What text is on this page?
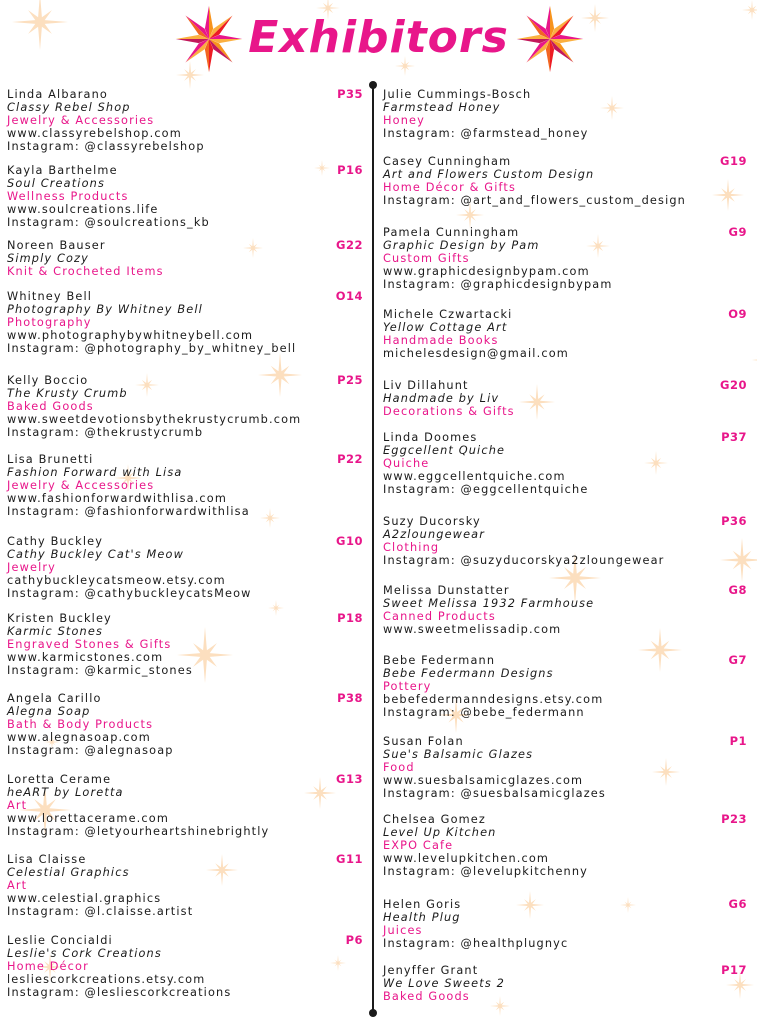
Exhibitors
Linda Albarano
Classy Rebel Shop
Jewelry & Accessories
www.classyrebelshop.com
Instagram: @classyrebelshop
P35
Kayla Barthelme
Soul Creations
Wellness Products
www.soulcreations.life
Instagram: @soulcreations_kb
P16
Noreen Bauser
Simply Cozy
Knit & Crocheted Items
G22
Whitney Bell
Photography By Whitney Bell
Photography
www.photographybywhitneybell.com
Instagram: @photography_by_whitney_bell
O14
Kelly Boccio
The Krusty Crumb
Baked Goods
www.sweetdevotionsbythekrustycrumb.com
Instagram: @thekrustycrumb
P25
Lisa Brunetti
Fashion Forward with Lisa
Jewelry & Accessories
www.fashionforwardwithlisa.com
Instagram: @fashionforwardwithlisa
P22
Cathy Buckley
Cathy Buckley Cat's Meow
Jewelry
cathybuckleycatsmeow.etsy.com
Instagram: @cathybuckleycatsMeow
G10
Kristen Buckley
Karmic Stones
Engraved Stones & Gifts
www.karmicstones.com
Instagram: @karmic_stones
P18
Angela Carillo
Alegna Soap
Bath & Body Products
www.alegnasoap.com
Instagram: @alegnasoap
P38
Loretta Cerame
heART by Loretta
Art
www.lorettacerame.com
Instagram: @letyourheartshinebrightly
G13
Lisa Claisse
Celestial Graphics
Art
www.celestial.graphics
Instagram: @l.claisse.artist
G11
Leslie Concialdi
Leslie's Cork Creations
Home Décor
lesliescorkcreations.etsy.com
Instagram: @lesliescorkcreations
P6
Julie Cummings-Bosch
Farmstead Honey
Honey
Instagram: @farmstead_honey
Casey Cunningham
Art and Flowers Custom Design
Home Décor & Gifts
Instagram: @art_and_flowers_custom_design
G19
Pamela Cunningham
Graphic Design by Pam
Custom Gifts
www.graphicdesignbypam.com
Instagram: @graphicdesignbypam
G9
Michele Czwartacki
Yellow Cottage Art
Handmade Books
michelesdesign@gmail.com
O9
Liv Dillahunt
Handmade by Liv
Decorations & Gifts
G20
Linda Doomes
Eggcellent Quiche
Quiche
www.eggcellentquiche.com
Instagram: @eggcellentquiche
P37
Suzy Ducorsky
A2zloungewear
Clothing
Instagram: @suzyducorskya2zloungewear
P36
Melissa Dunstatter
Sweet Melissa 1932 Farmhouse
Canned Products
www.sweetmelissadip.com
G8
Bebe Federmann
Bebe Federmann Designs
Pottery
bebefedermanndesigns.etsy.com
Instagram: @bebe_federmann
G7
Susan Folan
Sue's Balsamic Glazes
Food
www.suesbalsamicglazes.com
Instagram: @suesbalsamicglazes
P1
Chelsea Gomez
Level Up Kitchen
EXPO Cafe
www.levelupkitchen.com
Instagram: @levelupkitchenny
P23
Helen Goris
Health Plug
Juices
Instagram: @healthplugnyc
G6
Jenyffer Grant
We Love Sweets 2
Baked Goods
P17
